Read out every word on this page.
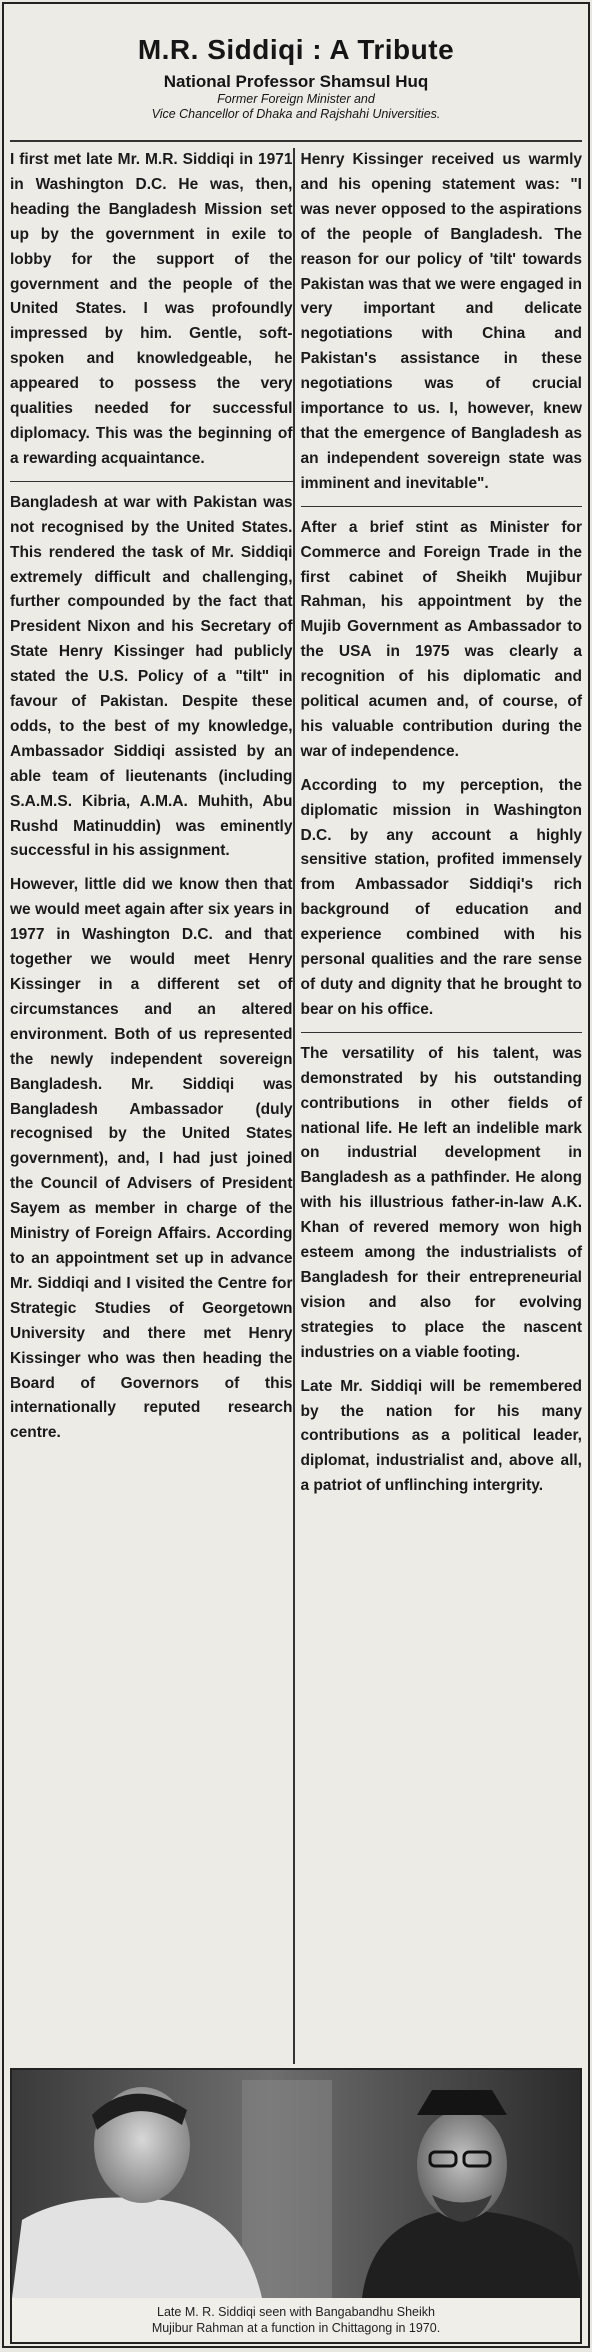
M.R. Siddiqi : A Tribute
National Professor Shamsul Huq
Former Foreign Minister and
Vice Chancellor of Dhaka and Rajshahi Universities.

I first met late Mr. M.R. Siddiqi in 1971 in Washington D.C. He was, then, heading the Bangladesh Mission set up by the government in exile to lobby for the support of the government and the people of the United States. I was profoundly impressed by him. Gentle, soft-spoken and knowledgeable, he appeared to possess the very qualities needed for successful diplomacy. This was the beginning of a rewarding acquaintance.

Bangladesh at war with Pakistan was not recognised by the United States. This rendered the task of Mr. Siddiqi extremely difficult and challenging, further compounded by the fact that President Nixon and his Secretary of State Henry Kissinger had publicly stated the U.S. Policy of a "tilt" in favour of Pakistan. Despite these odds, to the best of my knowledge, Ambassador Siddiqi assisted by an able team of lieutenants (including S.A.M.S. Kibria, A.M.A. Muhith, Abu Rushd Matinuddin) was eminently successful in his assignment.

However, little did we know then that we would meet again after six years in 1977 in Washington D.C. and that together we would meet Henry Kissinger in a different set of circumstances and an altered environment. Both of us represented the newly independent sovereign Bangladesh. Mr. Siddiqi was Bangladesh Ambassador (duly recognised by the United States government), and, I had just joined the Council of Advisers of President Sayem as member in charge of the Ministry of Foreign Affairs. According to an appointment set up in advance Mr. Siddiqi and I visited the Centre for Strategic Studies of Georgetown University and there met Henry Kissinger who was then heading the Board of Governors of this internationally reputed research centre.

Henry Kissinger received us warmly and his opening statement was: "I was never opposed to the aspirations of the people of Bangladesh. The reason for our policy of 'tilt' towards Pakistan was that we were engaged in very important and delicate negotiations with China and Pakistan's assistance in these negotiations was of crucial importance to us. I, however, knew that the emergence of Bangladesh as an independent sovereign state was imminent and inevitable".

After a brief stint as Minister for Commerce and Foreign Trade in the first cabinet of Sheikh Mujibur Rahman, his appointment by the Mujib Government as Ambassador to the USA in 1975 was clearly a recognition of his diplomatic and political acumen and, of course, of his valuable contribution during the war of independence.

According to my perception, the diplomatic mission in Washington D.C. by any account a highly sensitive station, profited immensely from Ambassador Siddiqi's rich background of education and experience combined with his personal qualities and the rare sense of duty and dignity that he brought to bear on his office.

The versatility of his talent, was demonstrated by his outstanding contributions in other fields of national life. He left an indelible mark on industrial development in Bangladesh as a pathfinder. He along with his illustrious father-in-law A.K. Khan of revered memory won high esteem among the industrialists of Bangladesh for their entrepreneurial vision and also for evolving strategies to place the nascent industries on a viable footing.

Late Mr. Siddiqi will be remembered by the nation for his many contributions as a political leader, diplomat, industrialist and, above all, a patriot of unflinching intergrity.

Late M. R. Siddiqi seen with Bangabandhu Sheikh
Mujibur Rahman at a function in Chittagong in 1970.
